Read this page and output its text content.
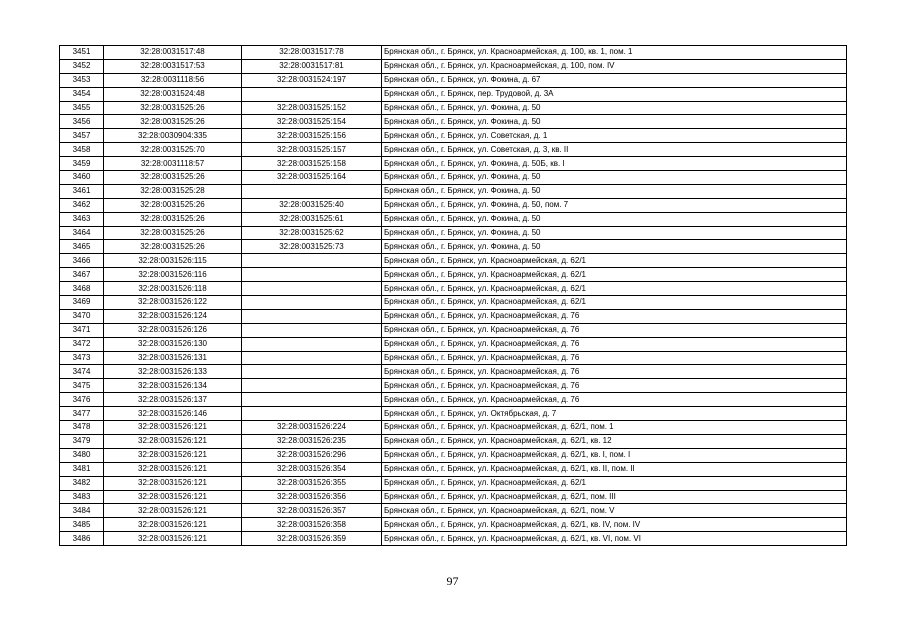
3451	32:28:0031517:48	32:28:0031517:78	Брянская обл., г. Брянск, ул. Красноармейская, д. 100, кв. 1, пом. 1
3452	32:28:0031517:53	32:28:0031517:81	Брянская обл., г. Брянск, ул. Красноармейская, д. 100, пом. IV
3453	32:28:0031118:56	32:28:0031524:197	Брянская обл., г. Брянск, ул. Фокина, д. 67
3454	32:28:0031524:48		Брянская обл., г. Брянск, пер. Трудовой, д. 3А
3455	32:28:0031525:26	32:28:0031525:152	Брянская обл., г. Брянск, ул. Фокина, д. 50
3456	32:28:0031525:26	32:28:0031525:154	Брянская обл., г. Брянск, ул. Фокина, д. 50
3457	32:28:0030904:335	32:28:0031525:156	Брянская обл., г. Брянск, ул. Советская, д. 1
3458	32:28:0031525:70	32:28:0031525:157	Брянская обл., г. Брянск, ул. Советская, д. 3, кв. II
3459	32:28:0031118:57	32:28:0031525:158	Брянская обл., г. Брянск, ул. Фокина, д. 50Б, кв. I
3460	32:28:0031525:26	32:28:0031525:164	Брянская обл., г. Брянск, ул. Фокина, д. 50
3461	32:28:0031525:28		Брянская обл., г. Брянск, ул. Фокина, д. 50
3462	32:28:0031525:26	32:28:0031525:40	Брянская обл., г. Брянск, ул. Фокина, д. 50, пом. 7
3463	32:28:0031525:26	32:28:0031525:61	Брянская обл., г. Брянск, ул. Фокина, д. 50
3464	32:28:0031525:26	32:28:0031525:62	Брянская обл., г. Брянск, ул. Фокина, д. 50
3465	32:28:0031525:26	32:28:0031525:73	Брянская обл., г. Брянск, ул. Фокина, д. 50
3466	32:28:0031526:115		Брянская обл., г. Брянск, ул. Красноармейская, д. 62/1
3467	32:28:0031526:116		Брянская обл., г. Брянск, ул. Красноармейская, д. 62/1
3468	32:28:0031526:118		Брянская обл., г. Брянск, ул. Красноармейская, д. 62/1
3469	32:28:0031526:122		Брянская обл., г. Брянск, ул. Красноармейская, д. 62/1
3470	32:28:0031526:124		Брянская обл., г. Брянск, ул. Красноармейская, д. 76
3471	32:28:0031526:126		Брянская обл., г. Брянск, ул. Красноармейская, д. 76
3472	32:28:0031526:130		Брянская обл., г. Брянск, ул. Красноармейская, д. 76
3473	32:28:0031526:131		Брянская обл., г. Брянск, ул. Красноармейская, д. 76
3474	32:28:0031526:133		Брянская обл., г. Брянск, ул. Красноармейская, д. 76
3475	32:28:0031526:134		Брянская обл., г. Брянск, ул. Красноармейская, д. 76
3476	32:28:0031526:137		Брянская обл., г. Брянск, ул. Красноармейская, д. 76
3477	32:28:0031526:146		Брянская обл., г. Брянск, ул. Октябрьская, д. 7
3478	32:28:0031526:121	32:28:0031526:224	Брянская обл., г. Брянск, ул. Красноармейская, д. 62/1, пом. 1
3479	32:28:0031526:121	32:28:0031526:235	Брянская обл., г. Брянск, ул. Красноармейская, д. 62/1, кв. 12
3480	32:28:0031526:121	32:28:0031526:296	Брянская обл., г. Брянск, ул. Красноармейская, д. 62/1, кв. I, пом. I
3481	32:28:0031526:121	32:28:0031526:354	Брянская обл., г. Брянск, ул. Красноармейская, д. 62/1, кв. II, пом. II
3482	32:28:0031526:121	32:28:0031526:355	Брянская обл., г. Брянск, ул. Красноармейская, д. 62/1
3483	32:28:0031526:121	32:28:0031526:356	Брянская обл., г. Брянск, ул. Красноармейская, д. 62/1, пом. III
3484	32:28:0031526:121	32:28:0031526:357	Брянская обл., г. Брянск, ул. Красноармейская, д. 62/1, пом. V
3485	32:28:0031526:121	32:28:0031526:358	Брянская обл., г. Брянск, ул. Красноармейская, д. 62/1, кв. IV, пом. IV
3486	32:28:0031526:121	32:28:0031526:359	Брянская обл., г. Брянск, ул. Красноармейская, д. 62/1, кв. VI, пом. VI
97
